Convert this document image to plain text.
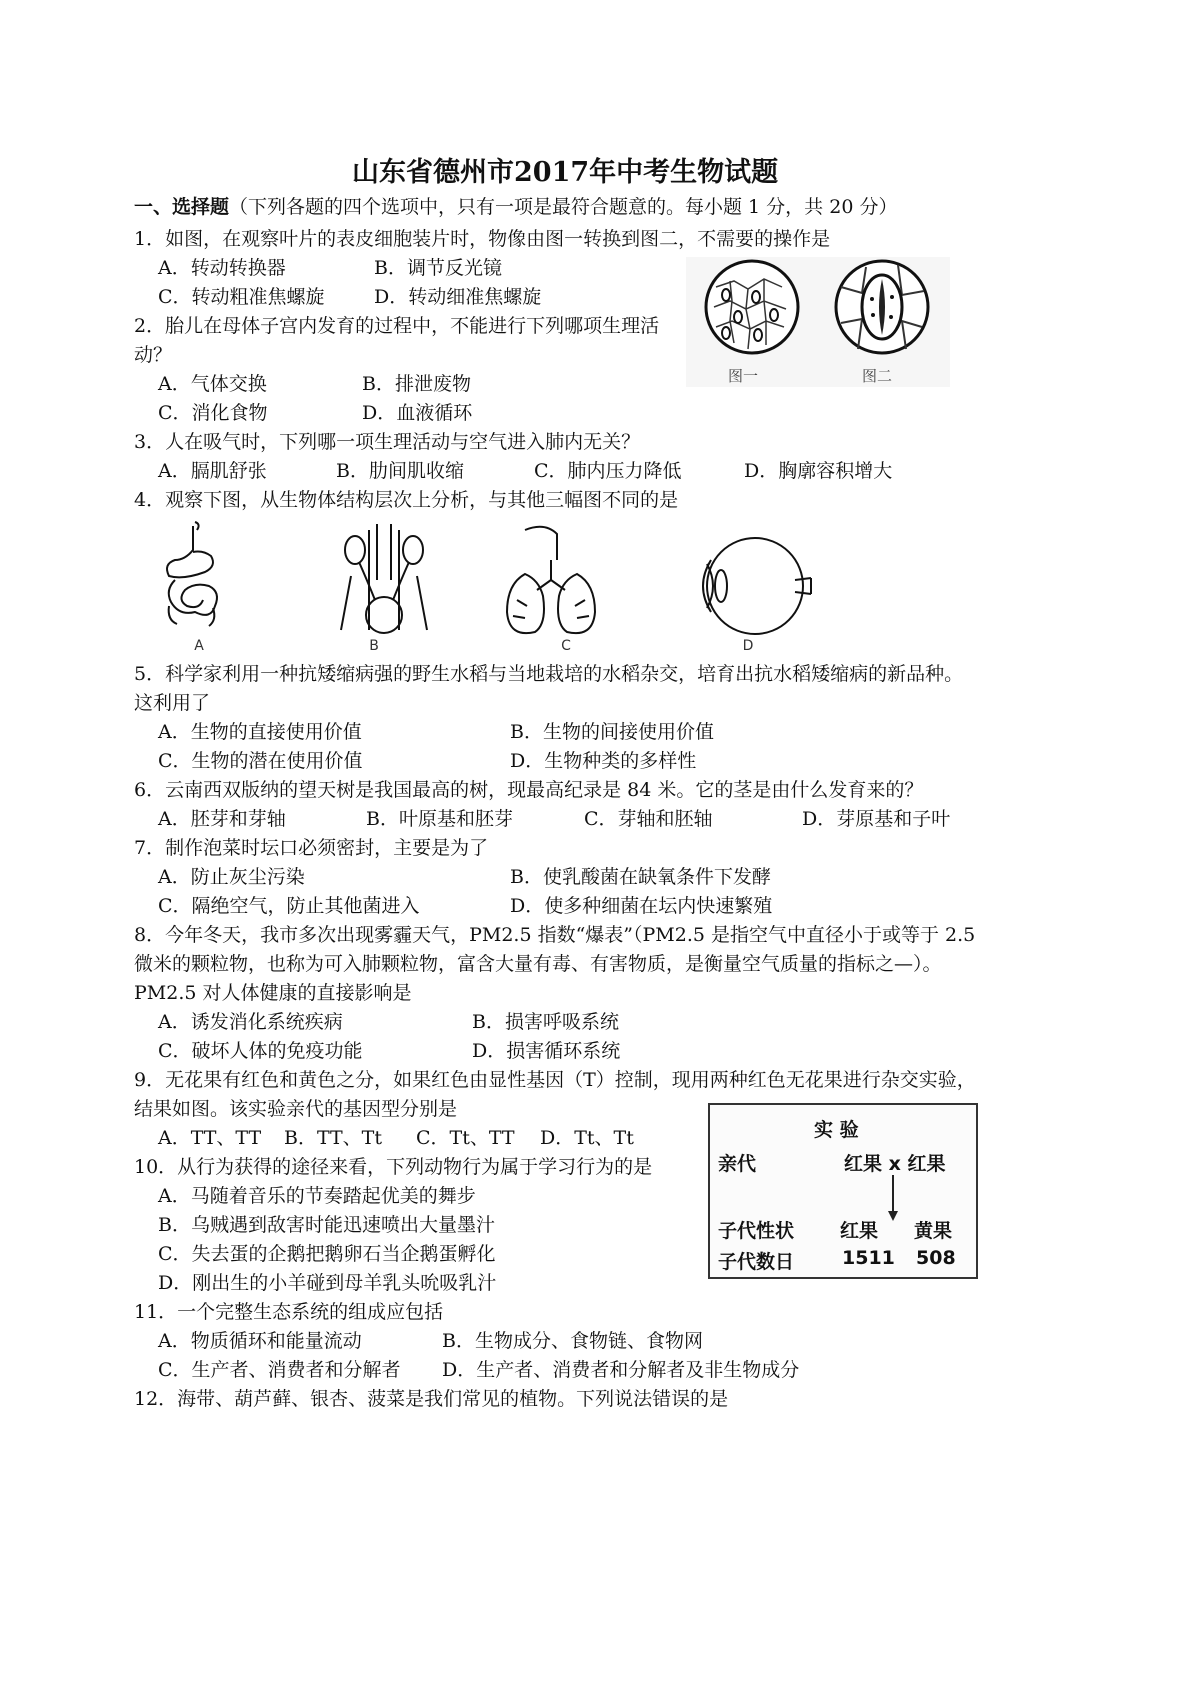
山东省德州市2017年中考生物试题
一、选择题（下列各题的四个选项中，只有一项是最符合题意的。每小题 1 分，共 20 分）
1．如图，在观察叶片的表皮细胞装片时，物像由图一转换到图二，不需要的操作是
A．转动转换器	B．调节反光镜
C．转动粗准焦螺旋	D．转动细准焦螺旋
图一	图二
2．胎儿在母体子宫内发育的过程中，不能进行下列哪项生理活
动？
A．气体交换	B．排泄废物
C．消化食物	D．血液循环
3．人在吸气时，下列哪一项生理活动与空气进入肺内无关？
A．膈肌舒张	B．肋间肌收缩	C．肺内压力降低	D．胸廓容积增大
4．观察下图，从生物体结构层次上分析，与其他三幅图不同的是
A	B	C	D
5．科学家利用一种抗矮缩病强的野生水稻与当地栽培的水稻杂交，培育出抗水稻矮缩病的新品种。
这利用了
A．生物的直接使用价值	B．生物的间接使用价值
C．生物的潜在使用价值	D．生物种类的多样性
6．云南西双版纳的望天树是我国最高的树，现最高纪录是 84 米。它的茎是由什么发育来的？
A．胚芽和芽轴	B．叶原基和胚芽	C．芽轴和胚轴	D．芽原基和子叶
7．制作泡菜时坛口必须密封，主要是为了
A．防止灰尘污染	B．使乳酸菌在缺氧条件下发酵
C．隔绝空气，防止其他菌进入	D．使多种细菌在坛内快速繁殖
8．今年冬天，我市多次出现雾霾天气，PM2.5 指数“爆表”（PM2.5 是指空气中直径小于或等于 2.5
微米的颗粒物，也称为可入肺颗粒物，富含大量有毒、有害物质，是衡量空气质量的指标之—）。
PM2.5 对人体健康的直接影响是
A．诱发消化系统疾病	B．损害呼吸系统
C．破坏人体的免疫功能	D．损害循环系统
9．无花果有红色和黄色之分，如果红色由显性基因（T）控制，现用两种红色无花果进行杂交实验，
结果如图。该实验亲代的基因型分别是
A．TT、TT B．TT、Tt C．Tt、TT D．Tt、Tt	实 验
亲代	红果 x 红果
子代性状 红果 黄果
子代数日	1511 508
10．从行为获得的途径来看，下列动物行为属于学习行为的是
A．马随着音乐的节奏踏起优美的舞步
B．乌贼遇到敌害时能迅速喷出大量墨汁
C．失去蛋的企鹅把鹅卵石当企鹅蛋孵化
D．刚出生的小羊碰到母羊乳头吮吸乳汁
11．一个完整生态系统的组成应包括
A．物质循环和能量流动	B．生物成分、食物链、食物网
C．生产者、消费者和分解者 D．生产者、消费者和分解者及非生物成分
12．海带、葫芦藓、银杏、菠菜是我们常见的植物。下列说法错误的是
